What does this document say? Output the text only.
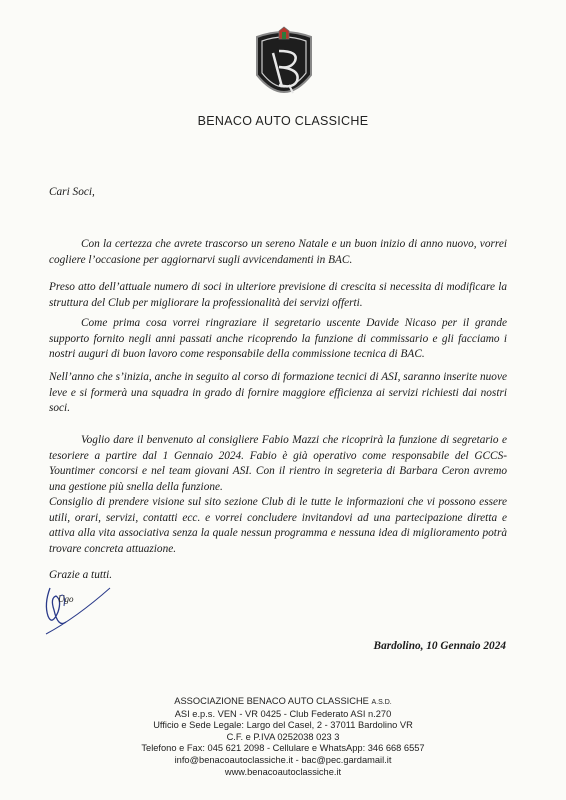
B
BENACO AUTO CLASSICHE
Cari Soci,

Con la certezza che avrete trascorso un sereno Natale e un buon inizio di anno nuovo, vorrei cogliere l’occasione per aggiornarvi sugli avvicendamenti in BAC.

Preso atto dell’attuale numero di soci in ulteriore previsione di crescita si necessita di modificare la struttura del Club per migliorare la professionalità dei servizi offerti.

Come prima cosa vorrei ringraziare il segretario uscente Davide Nicaso per il grande supporto fornito negli anni passati anche ricoprendo la funzione di commissario e gli facciamo i nostri auguri di buon lavoro come responsabile della commissione tecnica di BAC.

Nell’anno che s’inizia, anche in seguito al corso di formazione tecnici di ASI, saranno inserite nuove leve e si formerà una squadra in grado di fornire maggiore efficienza ai servizi richiesti dai nostri soci.

Voglio dare il benvenuto al consigliere Fabio Mazzi che ricoprirà la funzione di segretario e tesoriere a partire dal 1 Gennaio 2024. Fabio è già operativo come responsabile del GCCS-Yountimer concorsi e nel team giovani ASI. Con il rientro in segreteria di Barbara Ceron avremo una gestione più snella della funzione.

Consiglio di prendere visione sul sito sezione Club di le tutte le informazioni che vi possono essere utili, orari, servizi, contatti ecc. e vorrei concludere invitandovi ad una partecipazione diretta e attiva alla vita associativa senza la quale nessun programma e nessuna idea di miglioramento potrà trovare concreta attuazione.

Grazie a tutti.
Ugo
Bardolino, 10 Gennaio 2024
ASSOCIAZIONE BENACO AUTO CLASSICHE A.S.D.
ASI e.p.s. VEN - VR 0425 - Club Federato ASI n.270
Ufficio e Sede Legale: Largo del Casel, 2 - 37011 Bardolino VR
C.F. e P.IVA 0252038 023 3
Telefono e Fax: 045 621 2098 - Cellulare e WhatsApp: 346 668 6557
info@benacoautoclassiche.it - bac@pec.gardamail.it
www.benacoautoclassiche.it
